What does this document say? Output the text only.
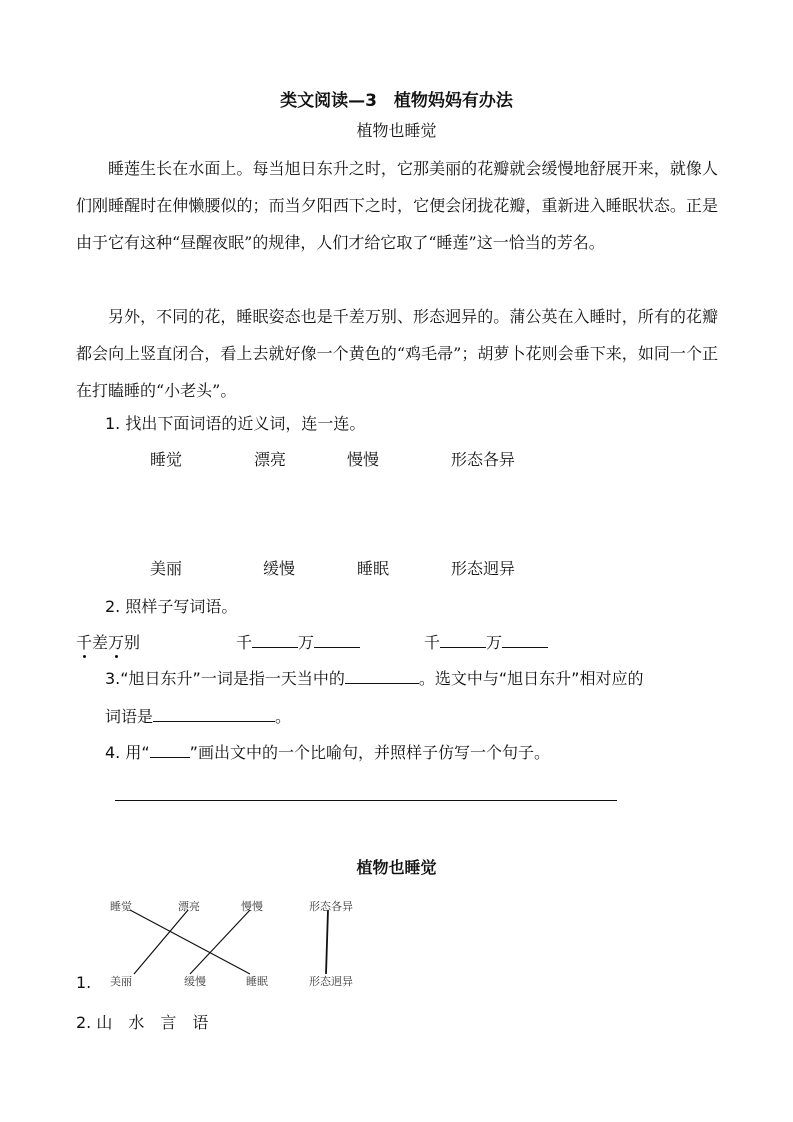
类文阅读—3　植物妈妈有办法
植物也睡觉
睡莲生长在水面上。每当旭日东升之时，它那美丽的花瓣就会缓慢地舒展开来，就像人们刚睡醒时在伸懒腰似的；而当夕阳西下之时，它便会闭拢花瓣，重新进入睡眠状态。正是由于它有这种“昼醒夜眠”的规律，人们才给它取了“睡莲”这一恰当的芳名。
另外，不同的花，睡眠姿态也是千差万别、形态迥异的。蒲公英在入睡时，所有的花瓣都会向上竖直闭合，看上去就好像一个黄色的“鸡毛帚”；胡萝卜花则会垂下来，如同一个正在打瞌睡的“小老头”。
1. 找出下面词语的近义词，连一连。
睡觉	漂亮	慢慢	形态各异
美丽	缓慢	睡眠	形态迥异
2. 照样子写词语。
千差万别	千	万	千	万
3.“旭日东升”一词是指一天当中的	。选文中与“旭日东升”相对应的
词语是	。
4. 用“	”画出文中的一个比喻句，并照样子仿写一个句子。
植物也睡觉
睡觉	漂亮	慢慢	形态各异
美丽	缓慢	睡眠	形态迥异
1.
2. 山　水　言　语
